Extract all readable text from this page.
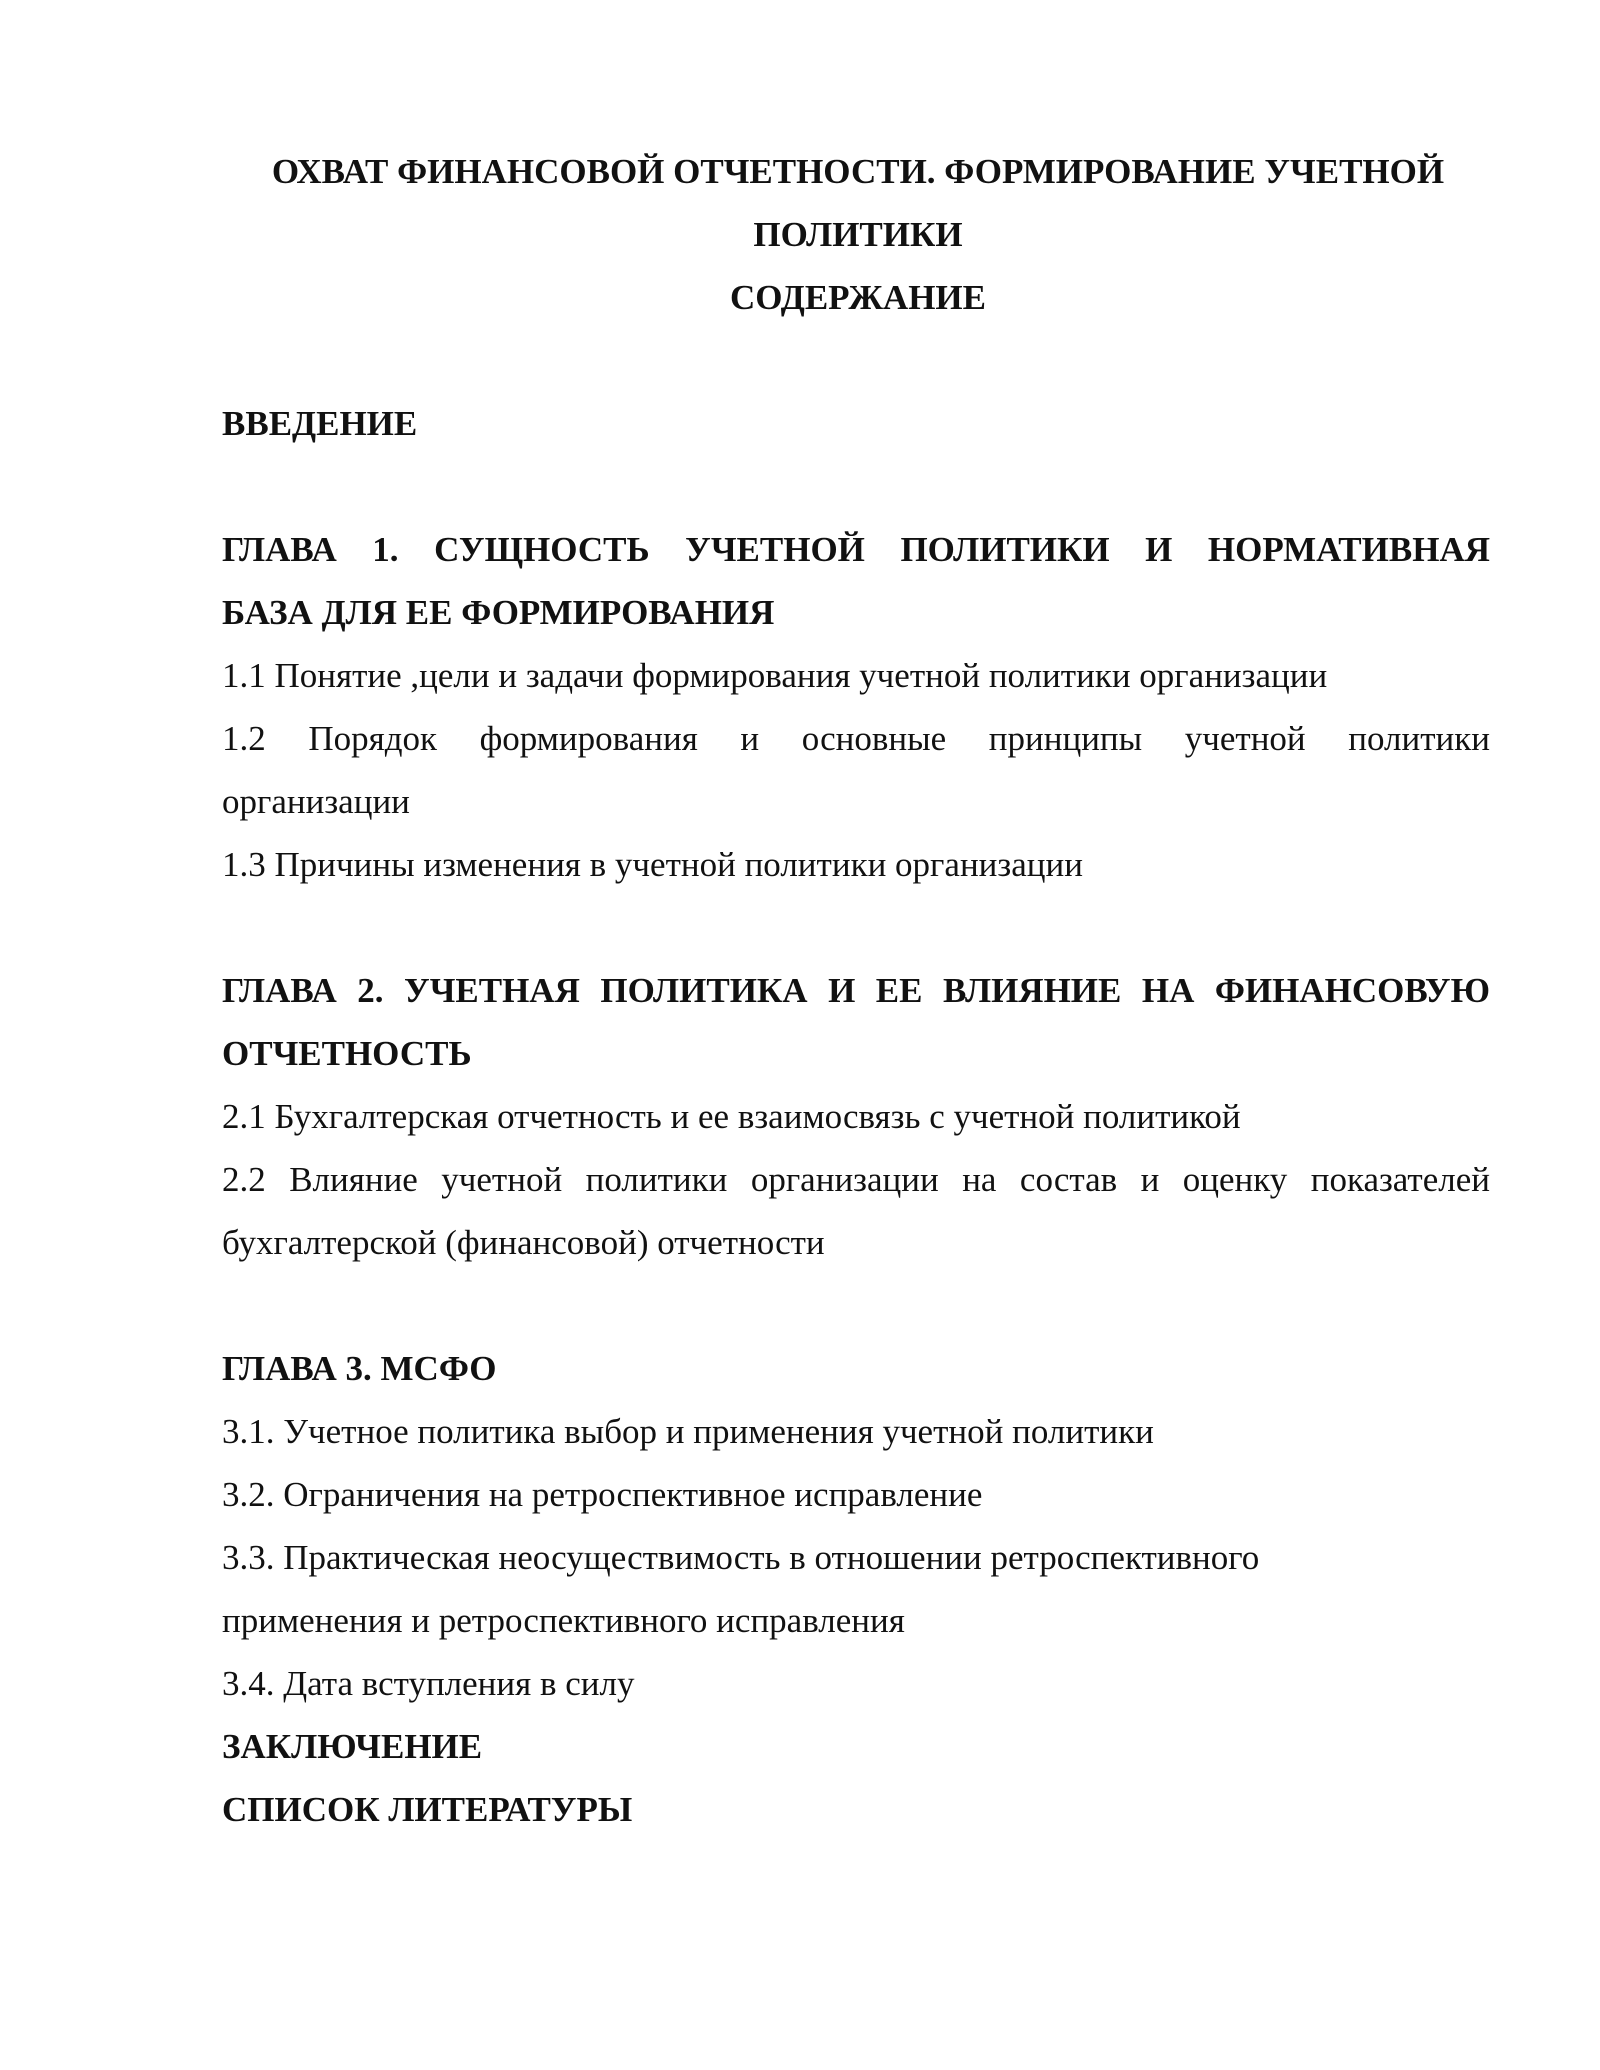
ОХВАТ ФИНАНСОВОЙ ОТЧЕТНОСТИ. ФОРМИРОВАНИЕ УЧЕТНОЙ
ПОЛИТИКИ
СОДЕРЖАНИЕ
ВВЕДЕНИЕ
ГЛАВА 1. СУЩНОСТЬ УЧЕТНОЙ ПОЛИТИКИ И НОРМАТИВНАЯ
БАЗА ДЛЯ ЕЕ ФОРМИРОВАНИЯ
1.1 Понятие ,цели и задачи формирования учетной политики организации
1.2 Порядок формирования и основные принципы учетной политики
организации
1.3 Причины изменения в учетной политики организации
ГЛАВА 2. УЧЕТНАЯ ПОЛИТИКА И ЕЕ ВЛИЯНИЕ НА ФИНАНСОВУЮ
ОТЧЕТНОСТЬ
2.1 Бухгалтерская отчетность и ее взаимосвязь с учетной политикой
2.2 Влияние учетной политики организации на состав и оценку показателей
бухгалтерской (финансовой) отчетности
ГЛАВА 3. МСФО
3.1. Учетное политика выбор и применения учетной политики
3.2. Ограничения на ретроспективное исправление
3.3. Практическая неосуществимость в отношении ретроспективного
применения и ретроспективного исправления
3.4. Дата вступления в силу
ЗАКЛЮЧЕНИЕ
СПИСОК ЛИТЕРАТУРЫ
